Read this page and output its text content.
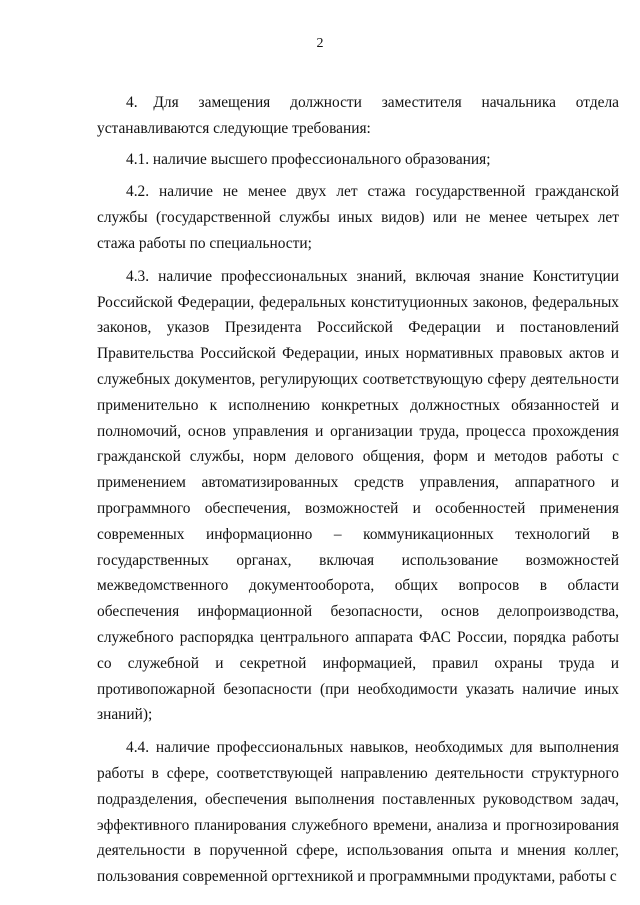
2

4.    Для     замещения     должности     заместителя     начальника     отдела устанавливаются следующие требования:

4.1. наличие высшего профессионального образования;

4.2. наличие не менее двух лет стажа государственной гражданской службы (государственной службы иных видов) или не менее четырех лет стажа работы по специальности;

4.3. наличие профессиональных знаний, включая знание Конституции Российской Федерации, федеральных конституционных законов, федеральных законов, указов Президента Российской Федерации и постановлений Правительства Российской Федерации, иных нормативных правовых актов и служебных документов, регулирующих соответствующую сферу деятельности применительно к исполнению конкретных должностных обязанностей и полномочий, основ управления и организации труда, процесса прохождения гражданской службы, норм делового общения, форм и методов работы с применением автоматизированных средств управления, аппаратного и программного обеспечения, возможностей и особенностей применения современных информационно – коммуникационных технологий в государственных органах, включая использование возможностей межведомственного документооборота, общих вопросов в области обеспечения информационной безопасности, основ делопроизводства, служебного распорядка центрального аппарата ФАС России, порядка работы со служебной и секретной информацией, правил охраны труда и противопожарной безопасности (при необходимости указать наличие иных знаний);

4.4. наличие профессиональных навыков, необходимых для выполнения работы в сфере, соответствующей направлению деятельности структурного подразделения, обеспечения выполнения поставленных руководством задач, эффективного планирования служебного времени, анализа и прогнозирования деятельности в порученной сфере, использования опыта и мнения коллег, пользования современной оргтехникой и программными продуктами, работы с
